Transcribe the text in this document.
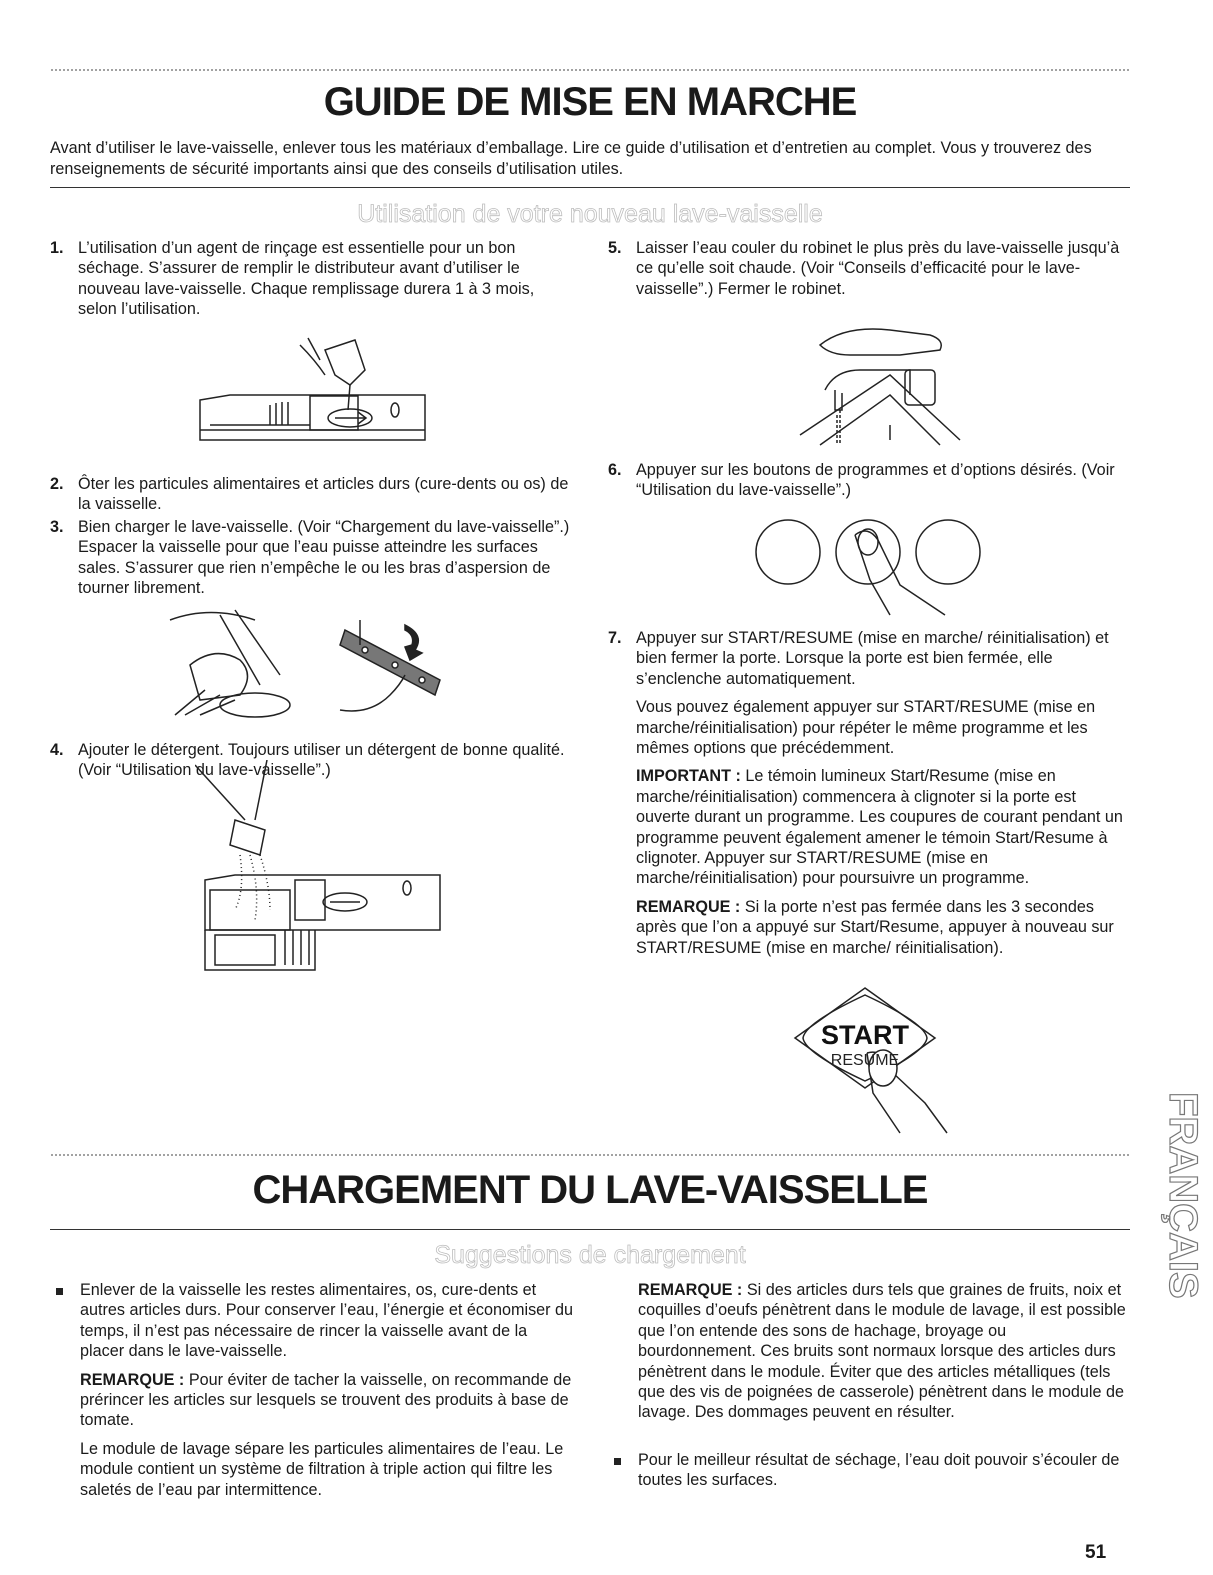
GUIDE DE MISE EN MARCHE

Avant d’utiliser le lave-vaisselle, enlever tous les matériaux d’emballage. Lire ce guide d’utilisation et d’entretien au complet. Vous y trouverez des renseignements de sécurité importants ainsi que des conseils d’utilisation utiles.

Utilisation de votre nouveau lave-vaisselle
1. L’utilisation d’un agent de rinçage est essentielle pour un bon séchage. S’assurer de remplir le distributeur avant d’utiliser le nouveau lave-vaisselle. Chaque remplissage durera 1 à 3 mois, selon l’utilisation.
2. Ôter les particules alimentaires et articles durs (cure-dents ou os) de la vaisselle.
3. Bien charger le lave-vaisselle. (Voir “Chargement du lave-vaisselle”.) Espacer la vaisselle pour que l’eau puisse atteindre les surfaces sales. S’assurer que rien n’empêche le ou les bras d’aspersion de tourner librement.
4. Ajouter le détergent. Toujours utiliser un détergent de bonne qualité. (Voir “Utilisation du lave-vaisselle”.)
5. Laisser l’eau couler du robinet le plus près du lave-vaisselle jusqu’à ce qu’elle soit chaude. (Voir “Conseils d’efficacité pour le lave-vaisselle”.) Fermer le robinet.
6. Appuyer sur les boutons de programmes et d’options désirés. (Voir “Utilisation du lave-vaisselle”.)
7. Appuyer sur START/RESUME (mise en marche/ réinitialisation) et bien fermer la porte. Lorsque la porte est bien fermée, elle s’enclenche automatiquement.

Vous pouvez également appuyer sur START/RESUME (mise en marche/réinitialisation) pour répéter le même programme et les mêmes options que précédemment.

IMPORTANT : Le témoin lumineux Start/Resume (mise en marche/réinitialisation) commencera à clignoter si la porte est ouverte durant un programme. Les coupures de courant pendant un programme peuvent également amener le témoin Start/Resume à clignoter. Appuyer sur START/RESUME (mise en marche/réinitialisation) pour poursuivre un programme.

REMARQUE : Si la porte n’est pas fermée dans les 3 secondes après que l’on a appuyé sur Start/Resume, appuyer à nouveau sur START/RESUME (mise en marche/ réinitialisation).

START
RESUME
CHARGEMENT DU LAVE-VAISSELLE
Suggestions de chargement

Enlever de la vaisselle les restes alimentaires, os, cure-dents et autres articles durs. Pour conserver l’eau, l’énergie et économiser du temps, il n’est pas nécessaire de rincer la vaisselle avant de la placer dans le lave-vaisselle.

REMARQUE : Pour éviter de tacher la vaisselle, on recommande de prérincer les articles sur lesquels se trouvent des produits à base de tomate.

Le module de lavage sépare les particules alimentaires de l’eau. Le module contient un système de filtration à triple action qui filtre les saletés de l’eau par intermittence.

REMARQUE : Si des articles durs tels que graines de fruits, noix et coquilles d’oeufs pénètrent dans le module de lavage, il est possible que l’on entende des sons de hachage, broyage ou bourdonnement. Ces bruits sont normaux lorsque des articles durs pénètrent dans le module. Éviter que des articles métalliques (tels que des vis de poignées de casserole) pénètrent dans le module de lavage. Des dommages peuvent en résulter.

Pour le meilleur résultat de séchage, l’eau doit pouvoir s’écouler de toutes les surfaces.
FRANÇAIS
51
